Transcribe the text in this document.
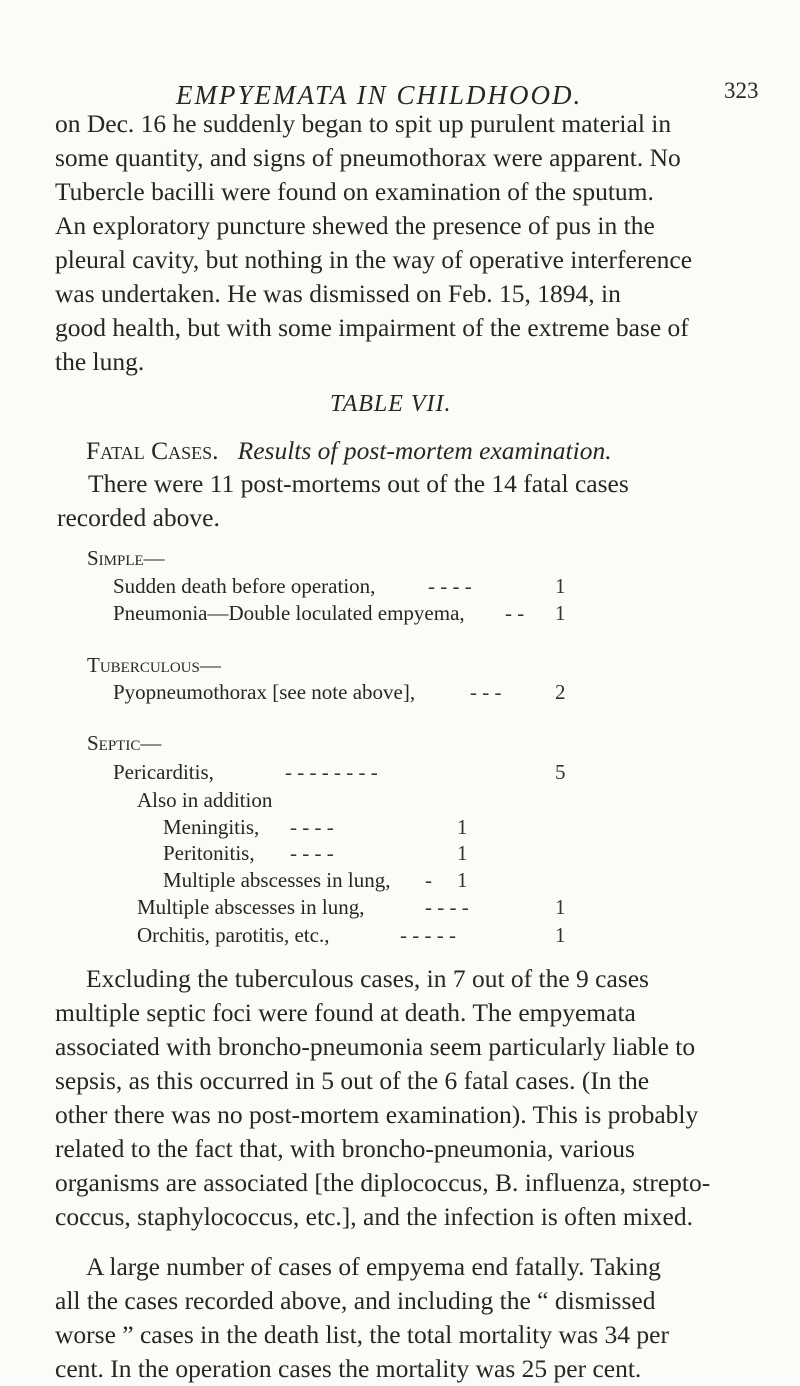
EMPYEMATA IN CHILDHOOD.	323
on Dec. 16 he suddenly began to spit up purulent material in
some quantity, and signs of pneumothorax were apparent. No
Tubercle bacilli were found on examination of the sputum.
An exploratory puncture shewed the presence of pus in the
pleural cavity, but nothing in the way of operative interference
was undertaken. He was dismissed on Feb. 15, 1894, in
good health, but with some impairment of the extreme base of
the lung.
TABLE VII.
Fatal Cases. Results of post-mortem examination.
There were 11 post-mortems out of the 14 fatal cases
recorded above.
Simple—
Sudden death before operation,	- - - -	1
Pneumonia—Double loculated empyema, - - 1
Tuberculous—
Pyopneumothorax [see note above],	- - -	2
Septic—
Pericarditis,	- - - - - - - -	5
Also in addition
Meningitis, - - - -	1
Peritonitis, - - - -	1
Multiple abscesses in lung, - 1
Multiple abscesses in lung,	- - - -	1
Orchitis, parotitis, etc.,	- - - - -	1
Excluding the tuberculous cases, in 7 out of the 9 cases
multiple septic foci were found at death. The empyemata
associated with broncho-pneumonia seem particularly liable to
sepsis, as this occurred in 5 out of the 6 fatal cases. (In the
other there was no post-mortem examination). This is probably
related to the fact that, with broncho-pneumonia, various
organisms are associated [the diplococcus, B. influenza, strepto-
coccus, staphylococcus, etc.], and the infection is often mixed.
A large number of cases of empyema end fatally. Taking
all the cases recorded above, and including the “ dismissed
worse ” cases in the death list, the total mortality was 34 per
cent. In the operation cases the mortality was 25 per cent.
